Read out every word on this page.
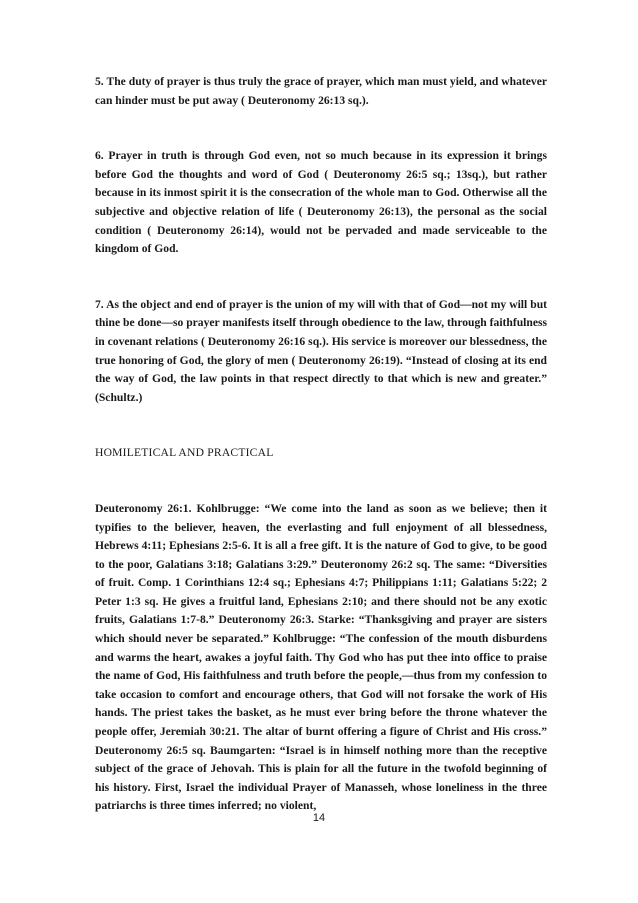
5. The duty of prayer is thus truly the grace of prayer, which man must yield, and whatever can hinder must be put away ( Deuteronomy 26:13 sq.).

6. Prayer in truth is through God even, not so much because in its expression it brings before God the thoughts and word of God ( Deuteronomy 26:5 sq.; 13sq.), but rather because in its inmost spirit it is the consecration of the whole man to God. Otherwise all the subjective and objective relation of life ( Deuteronomy 26:13), the personal as the social condition ( Deuteronomy 26:14), would not be pervaded and made serviceable to the kingdom of God.

7. As the object and end of prayer is the union of my will with that of God—not my will but thine be done—so prayer manifests itself through obedience to the law, through faithfulness in covenant relations ( Deuteronomy 26:16 sq.). His service is moreover our blessedness, the true honoring of God, the glory of men ( Deuteronomy 26:19). “Instead of closing at its end the way of God, the law points in that respect directly to that which is new and greater.” (Schultz.)

HOMILETICAL AND PRACTICAL

Deuteronomy 26:1. Kohlbrugge: “We come into the land as soon as we believe; then it typifies to the believer, heaven, the everlasting and full enjoyment of all blessedness, Hebrews 4:11; Ephesians 2:5-6. It is all a free gift. It is the nature of God to give, to be good to the poor, Galatians 3:18; Galatians 3:29.” Deuteronomy 26:2 sq. The same: “Diversities of fruit. Comp. 1 Corinthians 12:4 sq.; Ephesians 4:7; Philippians 1:11; Galatians 5:22; 2 Peter 1:3 sq. He gives a fruitful land, Ephesians 2:10; and there should not be any exotic fruits, Galatians 1:7-8.” Deuteronomy 26:3. Starke: “Thanksgiving and prayer are sisters which should never be separated.” Kohlbrugge: “The confession of the mouth disburdens and warms the heart, awakes a joyful faith. Thy God who has put thee into office to praise the name of God, His faithfulness and truth before the people,—thus from my confession to take occasion to comfort and encourage others, that God will not forsake the work of His hands. The priest takes the basket, as he must ever bring before the throne whatever the people offer, Jeremiah 30:21. The altar of burnt offering a figure of Christ and His cross.” Deuteronomy 26:5 sq. Baumgarten: “Israel is in himself nothing more than the receptive subject of the grace of Jehovah. This is plain for all the future in the twofold beginning of his history. First, Israel the individual Prayer of Manasseh, whose loneliness in the three patriarchs is three times inferred; no violent,

14
